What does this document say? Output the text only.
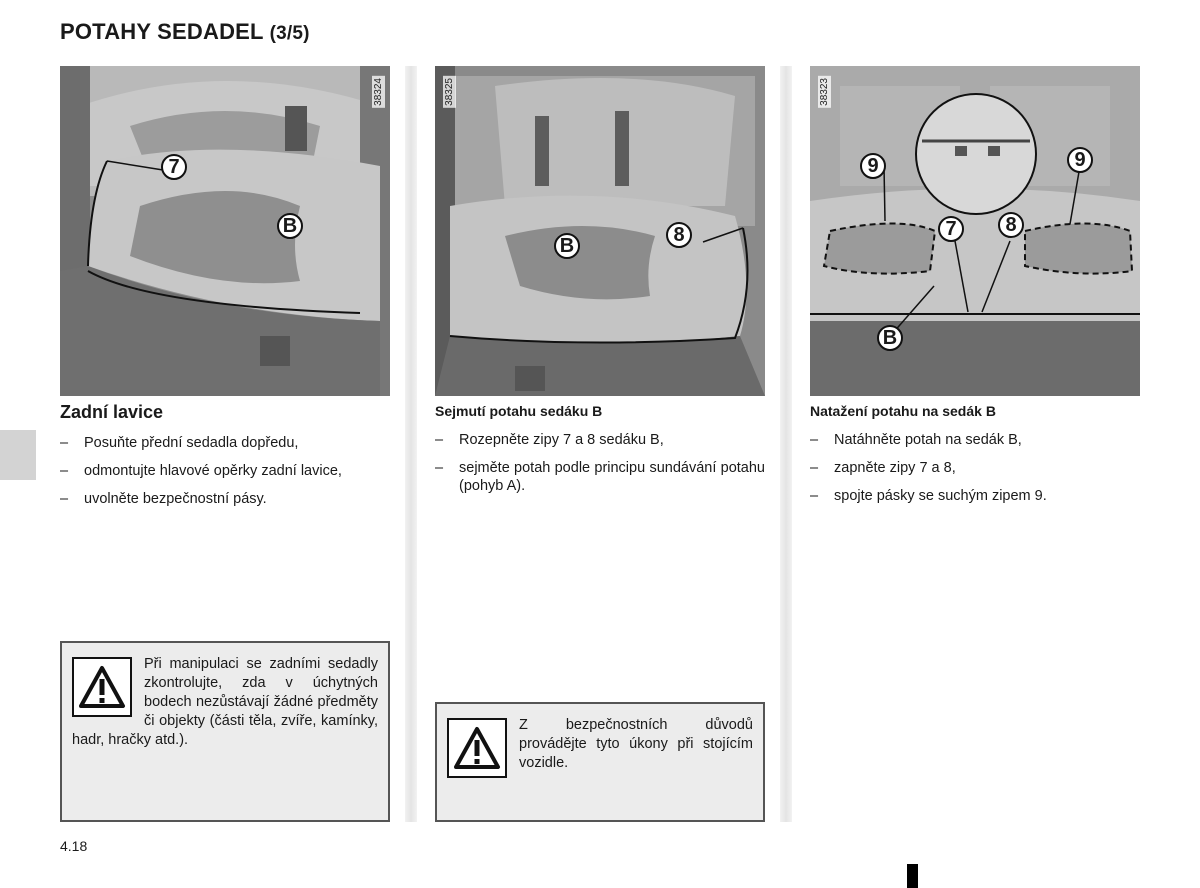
POTAHY SEDADEL (3/5)
7
B
38324
B	8
38325
9	9
7	8
B
38323
Zadní lavice
– Posuňte přední sedadla dopředu,
– odmontujte hlavové opěrky zadní lavice,
– uvolněte bezpečnostní pásy.
Při manipulaci se zadními sedadly zkontrolujte, zda v úchytných bodech nezůstávají žádné předměty či objekty (části těla, zvíře, kamínky, hadr, hračky atd.).
Sejmutí potahu sedáku B
– Rozepněte zipy 7 a 8 sedáku B,
– sejměte potah podle principu sundávání potahu (pohyb A).
Z bezpečnostních důvodů provádějte tyto úkony při stojícím vozidle.
Natažení potahu na sedák B
– Natáhněte potah na sedák B,
– zapněte zipy 7 a 8,
– spojte pásky se suchým zipem 9.
4.18
